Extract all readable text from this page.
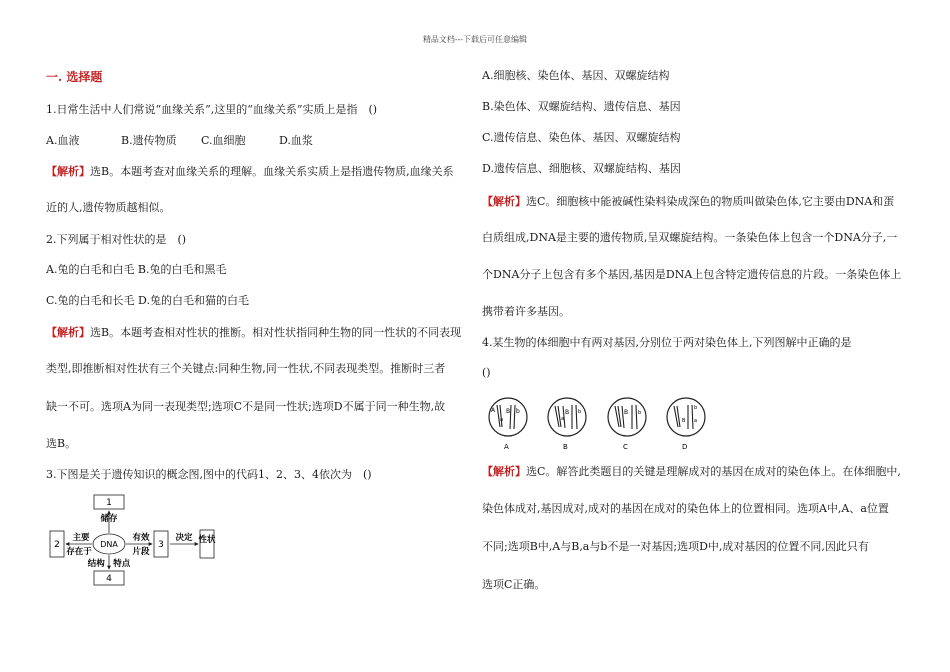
精品文档---下载后可任意编辑
一. 选择题
1.日常生活中人们常说“血缘关系”,这里的“血缘关系”实质上是指　()
A.血液	B.遗传物质 C.血细胞	D.血浆
【解析】选B。本题考查对血缘关系的理解。血缘关系实质上是指遗传物质,血缘关系
近的人,遗传物质越相似。
2.下列属于相对性状的是　()
A.兔的白毛和白毛 B.兔的白毛和黑毛
C.兔的白毛和长毛 D.兔的白毛和猫的白毛
【解析】选B。本题考查相对性状的推断。相对性状指同种生物的同一性状的不同表现
类型,即推断相对性状有三个关键点:同种生物,同一性状,不同表现类型。推断时三者
缺一不可。选项A为同一表现类型;选项C不是同一性状;选项D不属于同一种生物,故
选B。
3.下图是关于遗传知识的概念图,图中的代码1、2、3、4依次为　()
1
储存
2
主要
存在于
DNA
有效
片段
3
决定 性状
结构　特点
4
A.细胞核、染色体、基因、双螺旋结构
B.染色体、双螺旋结构、遗传信息、基因
C.遗传信息、染色体、基因、双螺旋结构
D.遗传信息、细胞核、双螺旋结构、基因
【解析】选C。细胞核中能被碱性染料染成深色的物质叫做染色体,它主要由DNA和蛋
白质组成,DNA是主要的遗传物质,呈双螺旋结构。一条染色体上包含一个DNA分子,一
个DNA分子上包含有多个基因,基因是DNA上包含特定遗传信息的片段。一条染色体上
携带着许多基因。
4.某生物的体细胞中有两对基因,分别位于两对染色体上,下列图解中正确的是
()
A B b
a
A
B
a
b
B
B b
C
b
B a
D
【解析】选C。解答此类题目的关键是理解成对的基因在成对的染色体上。在体细胞中,
染色体成对,基因成对,成对的基因在成对的染色体上的位置相同。选项A中,A、a位置
不同;选项B中,A与B,a与b不是一对基因;选项D中,成对基因的位置不同,因此只有
选项C正确。
